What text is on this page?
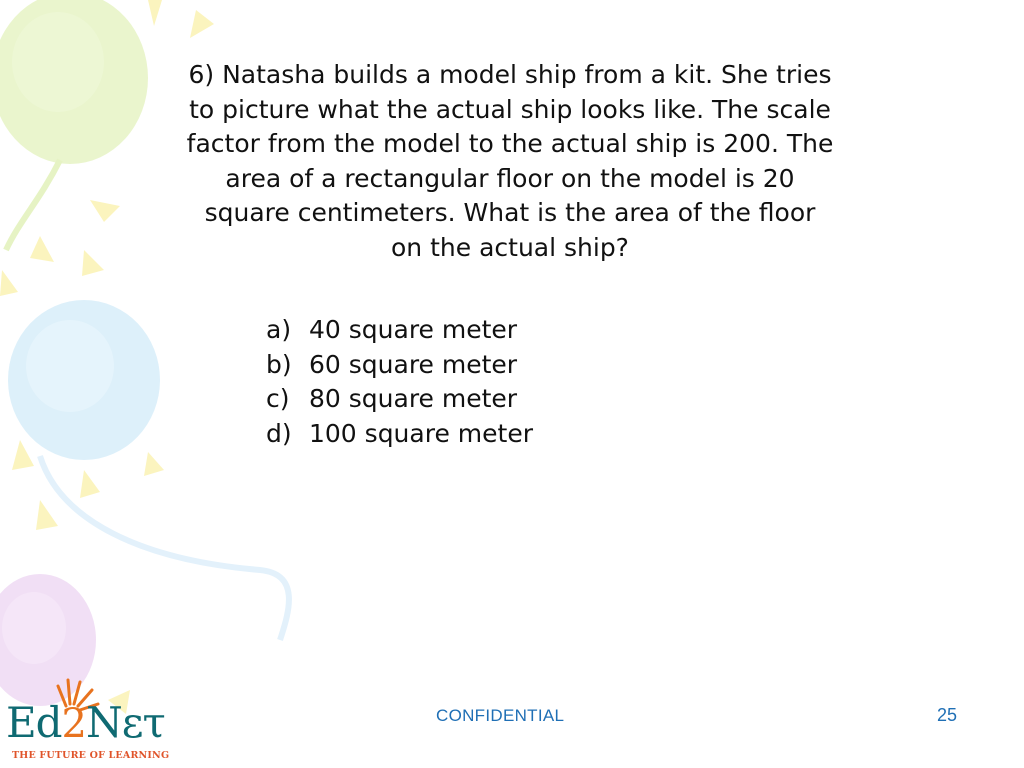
6) Natasha builds a model ship from a kit. She tries
to picture what the actual ship looks like. The scale
factor from the model to the actual ship is 200. The
area of a rectangular floor on the model is 20
square centimeters. What is the area of the floor
on the actual ship?
a) 40 square meter
b) 60 square meter
c) 80 square meter
d) 100 square meter
Ed2Nετ
THE FUTURE OF LEARNING
CONFIDENTIAL	25
